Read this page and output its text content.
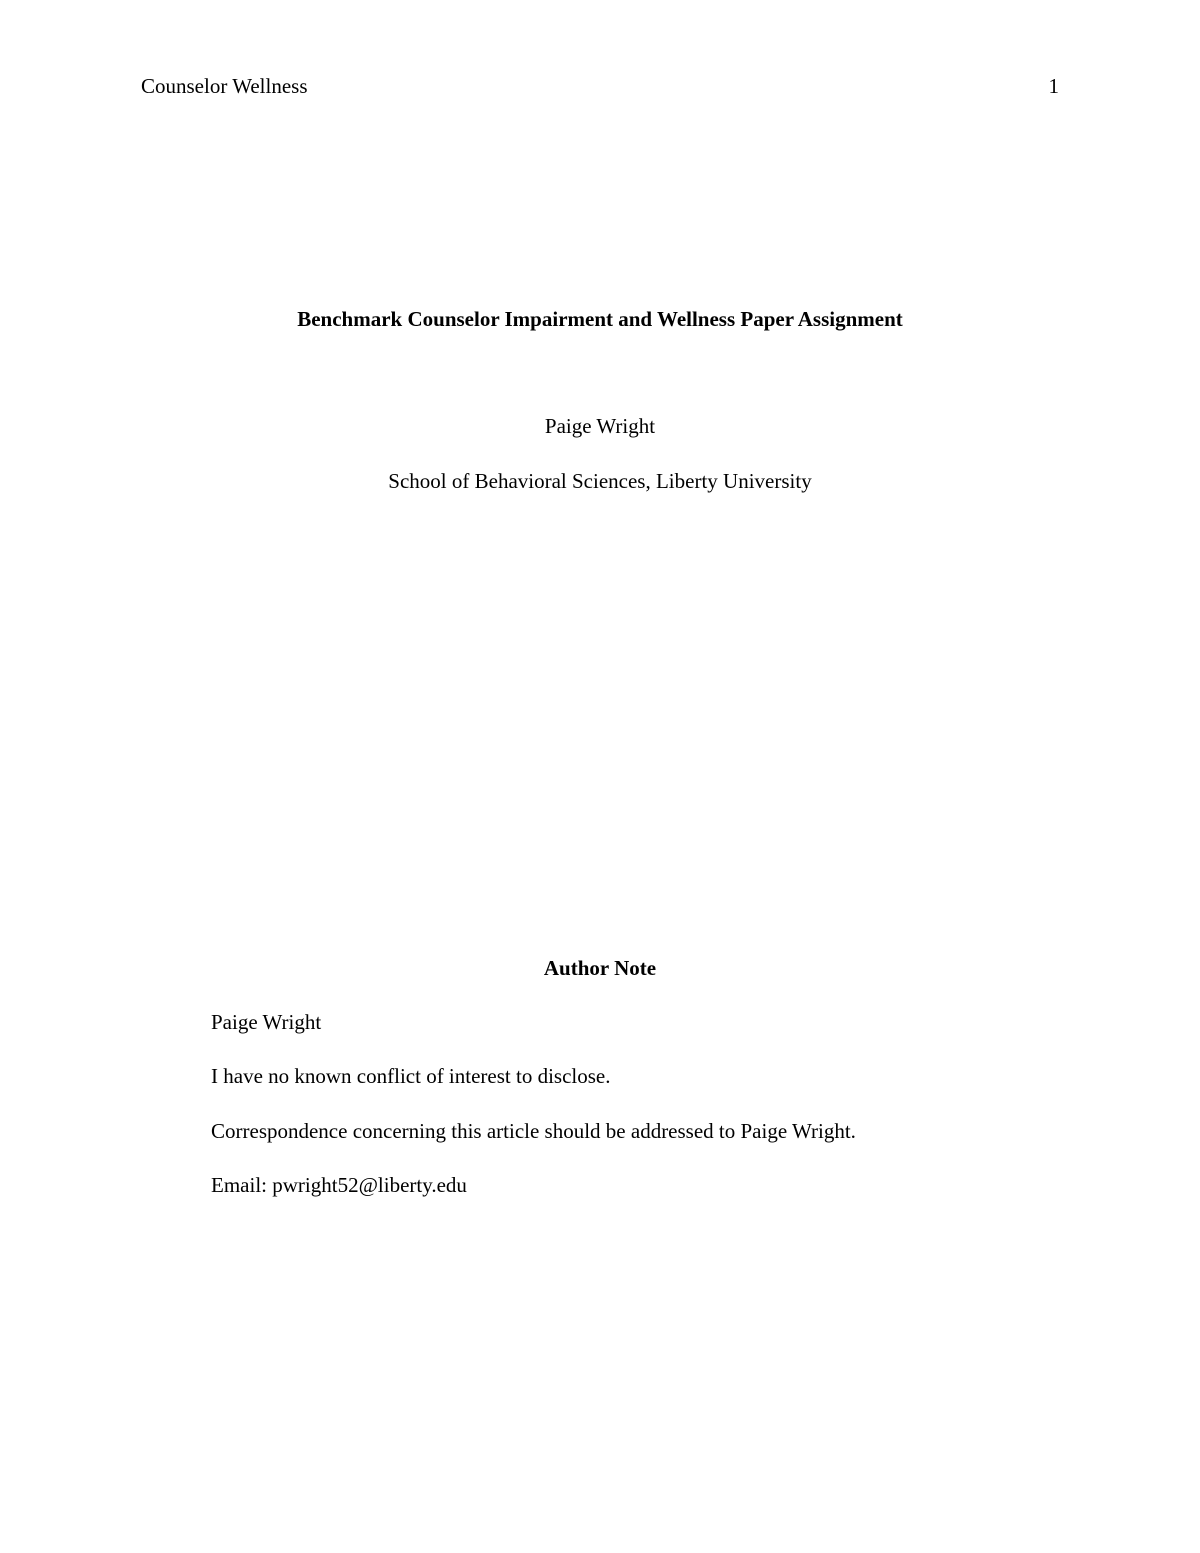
Counselor Wellness	1
Benchmark Counselor Impairment and Wellness Paper Assignment
Paige Wright
School of Behavioral Sciences, Liberty University
Author Note
Paige Wright
I have no known conflict of interest to disclose.
Correspondence concerning this article should be addressed to Paige Wright.
Email: pwright52@liberty.edu
